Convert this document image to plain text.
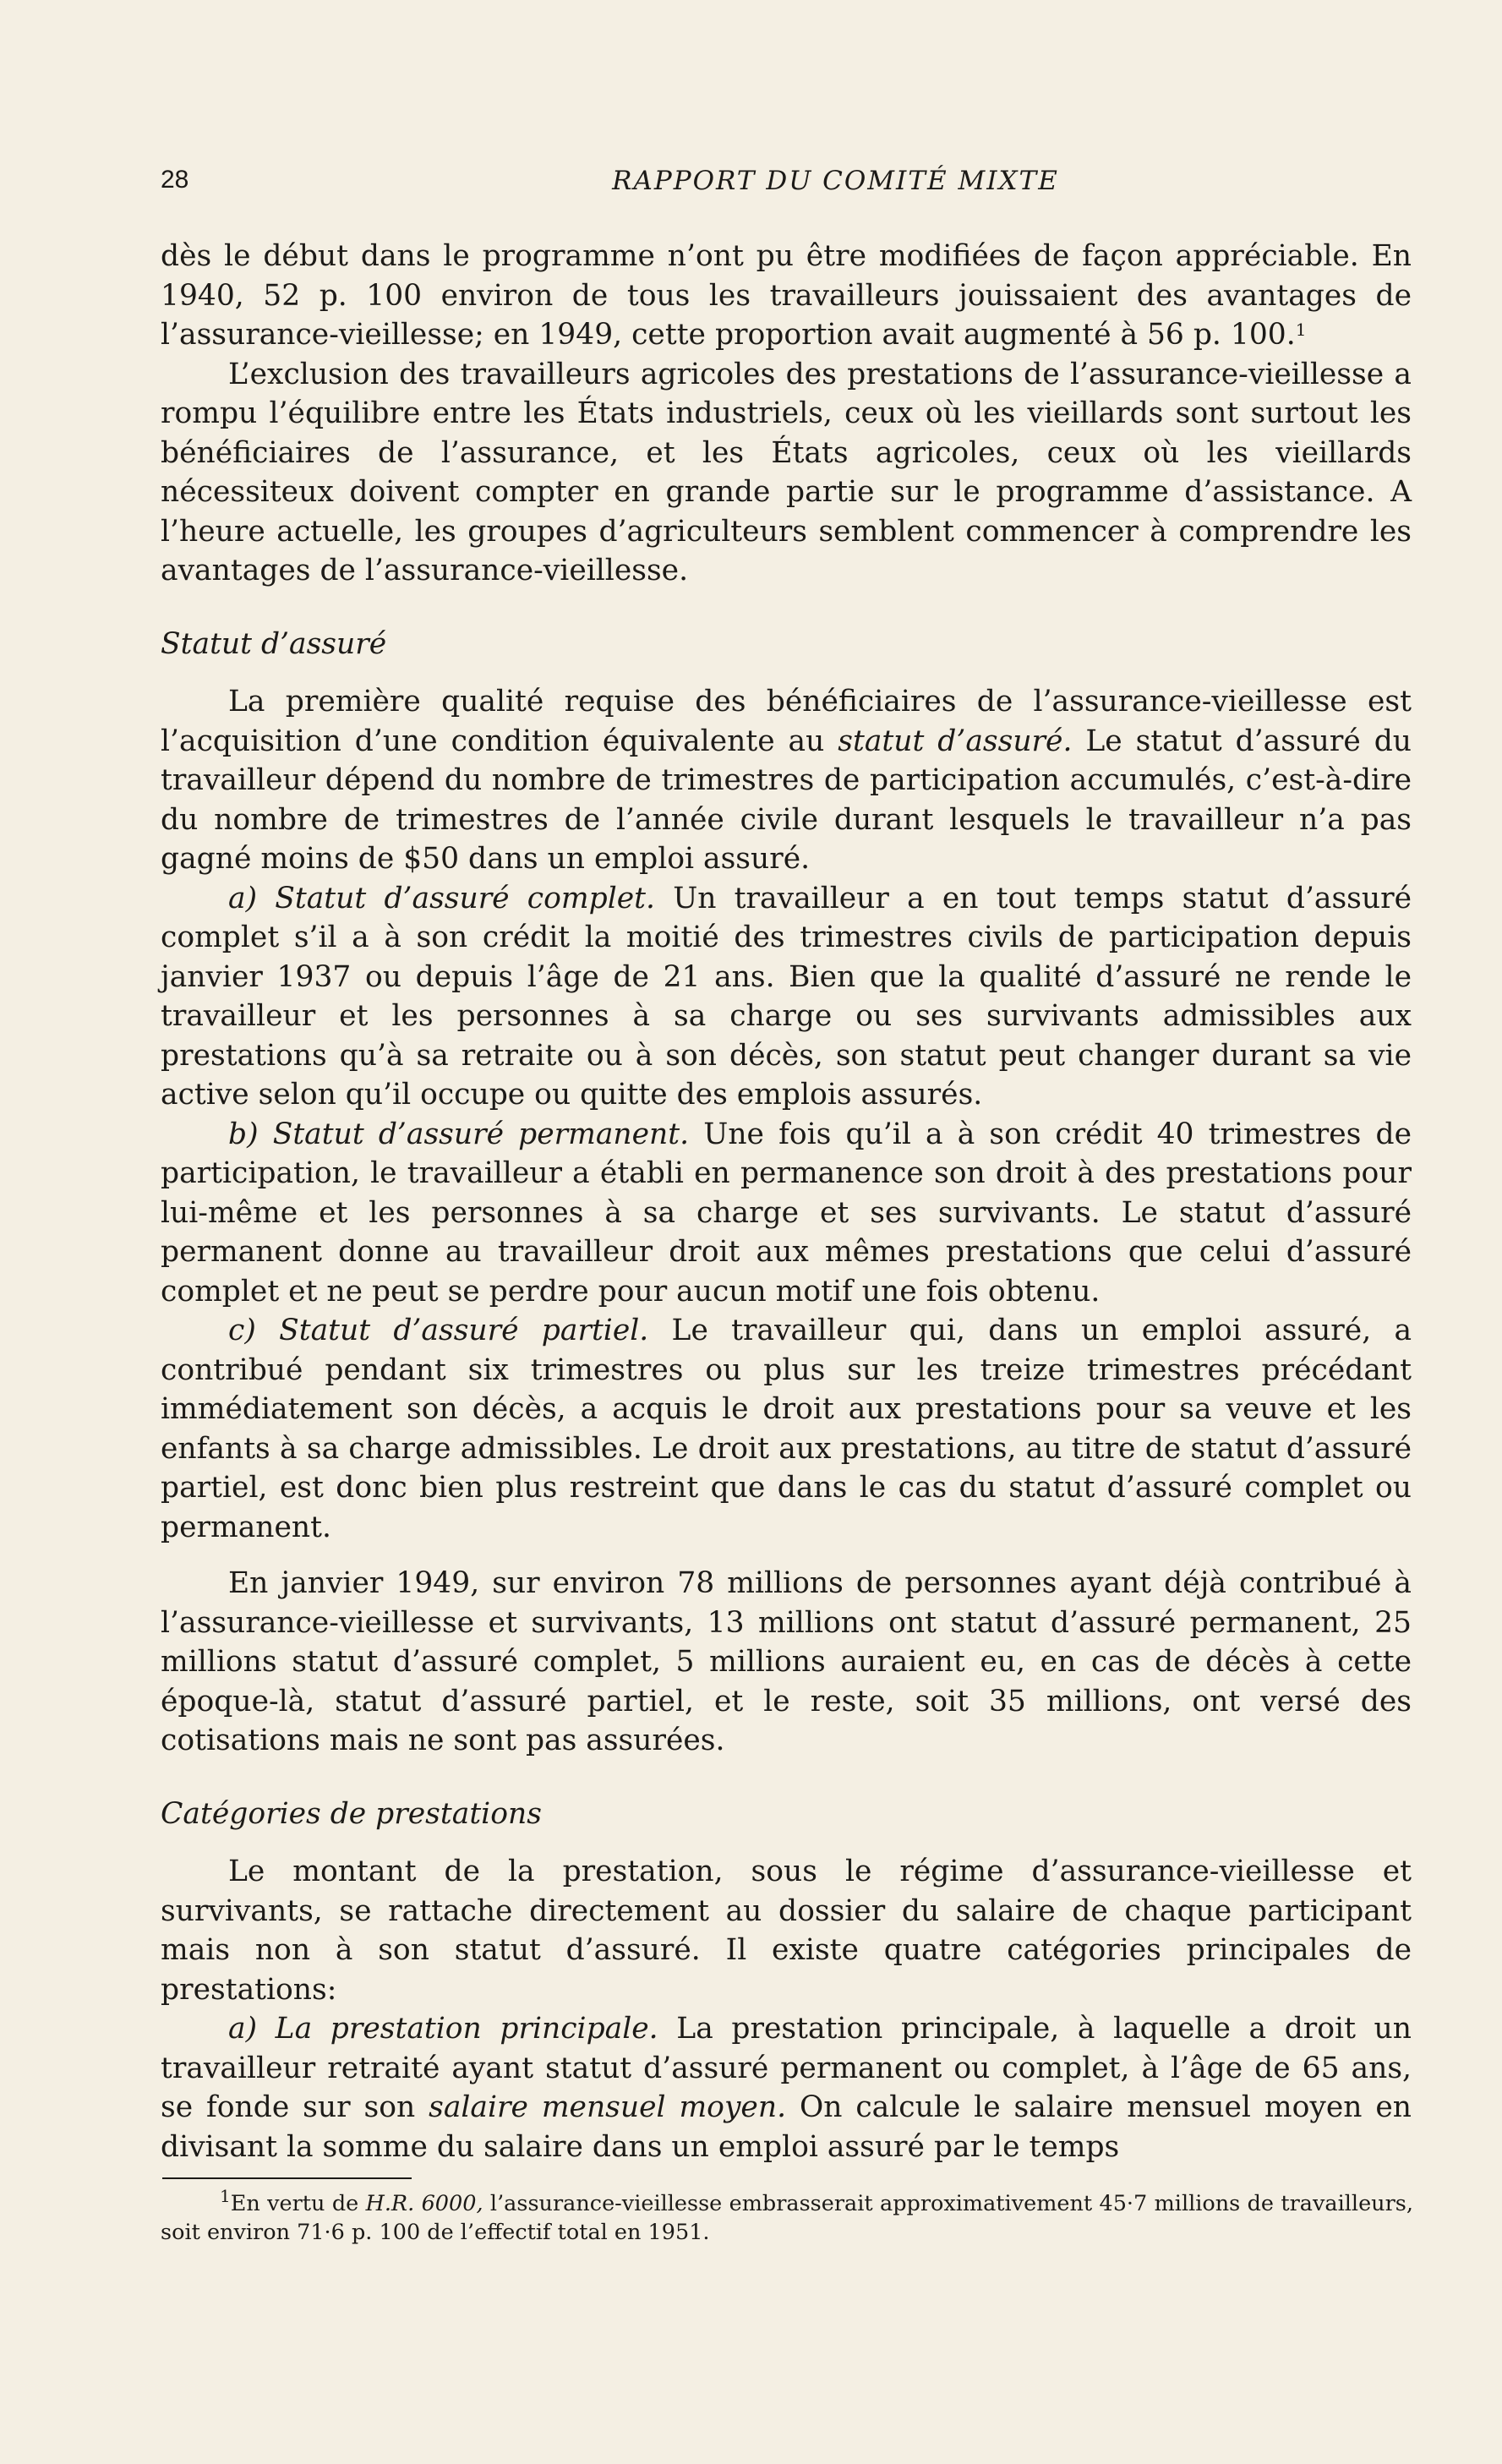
28	RAPPORT DU COMITÉ MIXTE

dès le début dans le programme n’ont pu être modifiées de façon appréciable. En 1940, 52 p. 100 environ de tous les travailleurs jouissaient des avantages de l’assurance-vieillesse; en 1949, cette proportion avait augmenté à 56 p. 100.$^1$

L’exclusion des travailleurs agricoles des prestations de l’assurance-vieillesse a rompu l’équilibre entre les États industriels, ceux où les vieillards sont surtout les bénéficiaires de l’assurance, et les États agricoles, ceux où les vieillards nécessiteux doivent compter en grande partie sur le programme d’assistance. A l’heure actuelle, les groupes d’agriculteurs semblent commencer à comprendre les avantages de l’assurance-vieillesse.

Statut d’assuré

La première qualité requise des bénéficiaires de l’assurance-vieillesse est l’acquisition d’une condition équivalente au statut d’assuré. Le statut d’assuré du travailleur dépend du nombre de trimestres de participation accumulés, c’est-à-dire du nombre de trimestres de l’année civile durant lesquels le travailleur n’a pas gagné moins de $50 dans un emploi assuré.

a) Statut d’assuré complet. Un travailleur a en tout temps statut d’assuré complet s’il a à son crédit la moitié des trimestres civils de participation depuis janvier 1937 ou depuis l’âge de 21 ans. Bien que la qualité d’assuré ne rende le travailleur et les personnes à sa charge ou ses survivants admissibles aux prestations qu’à sa retraite ou à son décès, son statut peut changer durant sa vie active selon qu’il occupe ou quitte des emplois assurés.

b) Statut d’assuré permanent. Une fois qu’il a à son crédit 40 trimestres de participation, le travailleur a établi en permanence son droit à des prestations pour lui-même et les personnes à sa charge et ses survivants. Le statut d’assuré permanent donne au travailleur droit aux mêmes prestations que celui d’assuré complet et ne peut se perdre pour aucun motif une fois obtenu.

c) Statut d’assuré partiel. Le travailleur qui, dans un emploi assuré, a contribué pendant six trimestres ou plus sur les treize trimestres précédant immédiatement son décès, a acquis le droit aux prestations pour sa veuve et les enfants à sa charge admissibles. Le droit aux prestations, au titre de statut d’assuré partiel, est donc bien plus restreint que dans le cas du statut d’assuré complet ou permanent.

En janvier 1949, sur environ 78 millions de personnes ayant déjà contribué à l’assurance-vieillesse et survivants, 13 millions ont statut d’assuré permanent, 25 millions statut d’assuré complet, 5 millions auraient eu, en cas de décès à cette époque-là, statut d’assuré partiel, et le reste, soit 35 millions, ont versé des cotisations mais ne sont pas assurées.

Catégories de prestations

Le montant de la prestation, sous le régime d’assurance-vieillesse et survivants, se rattache directement au dossier du salaire de chaque participant mais non à son statut d’assuré. Il existe quatre catégories principales de prestations:

a) La prestation principale. La prestation principale, à laquelle a droit un travailleur retraité ayant statut d’assuré permanent ou complet, à l’âge de 65 ans, se fonde sur son salaire mensuel moyen. On calcule le salaire mensuel moyen en divisant la somme du salaire dans un emploi assuré par le temps

$^1$En vertu de H.R. 6000, l’assurance-vieillesse embrasserait approximativement 45·7 millions de travailleurs, soit environ 71·6 p. 100 de l’effectif total en 1951.
